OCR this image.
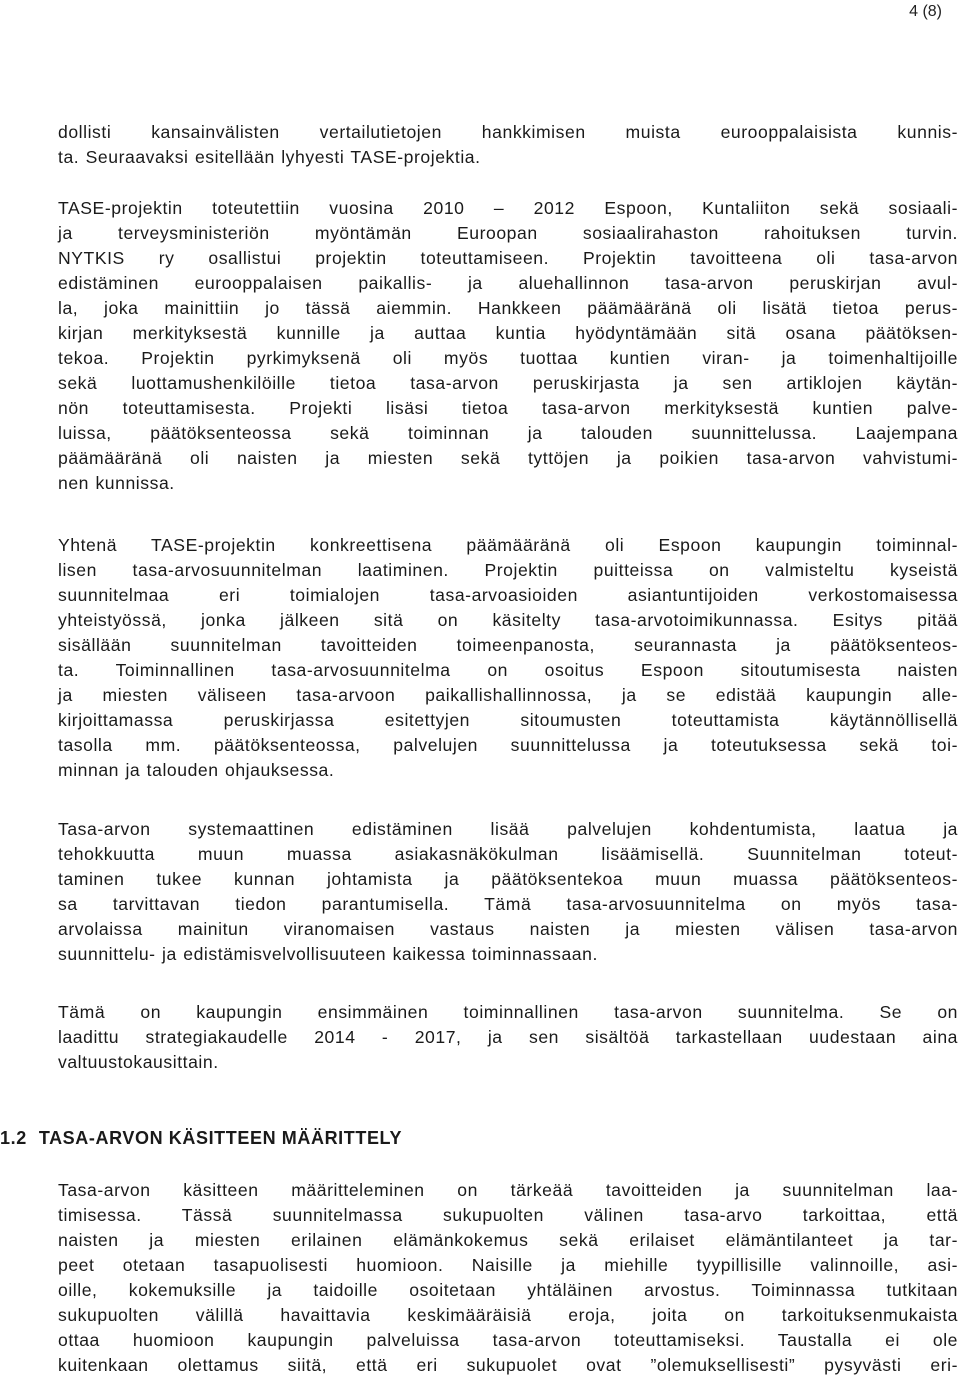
4 (8)
dollisti kansainvälisten vertailutietojen hankkimisen muista eurooppalaisista kunnis-
ta. Seuraavaksi esitellään lyhyesti TASE-projektia.
TASE-projektin toteutettiin vuosina 2010 – 2012 Espoon, Kuntaliiton sekä sosiaali-
ja terveysministeriön myöntämän Euroopan sosiaalirahaston rahoituksen turvin.
NYTKIS ry osallistui projektin toteuttamiseen. Projektin tavoitteena oli tasa-arvon
edistäminen eurooppalaisen paikallis- ja aluehallinnon tasa-arvon peruskirjan avul-
la, joka mainittiin jo tässä aiemmin. Hankkeen päämääränä oli lisätä tietoa perus-
kirjan merkityksestä kunnille ja auttaa kuntia hyödyntämään sitä osana päätöksen-
tekoa. Projektin pyrkimyksenä oli myös tuottaa kuntien viran- ja toimenhaltijoille
sekä luottamushenkilöille tietoa tasa-arvon peruskirjasta ja sen artiklojen käytän-
nön toteuttamisesta. Projekti lisäsi tietoa tasa-arvon merkityksestä kuntien palve-
luissa, päätöksenteossa sekä toiminnan ja talouden suunnittelussa. Laajempana
päämääränä oli naisten ja miesten sekä tyttöjen ja poikien tasa-arvon vahvistumi-
nen kunnissa.
Yhtenä TASE-projektin konkreettisena päämääränä oli Espoon kaupungin toiminnal-
lisen tasa-arvosuunnitelman laatiminen. Projektin puitteissa on valmisteltu kyseistä
suunnitelmaa eri toimialojen tasa-arvoasioiden asiantuntijoiden verkostomaisessa
yhteistyössä, jonka jälkeen sitä on käsitelty tasa-arvotoimikunnassa. Esitys pitää
sisällään suunnitelman tavoitteiden toimeenpanosta, seurannasta ja päätöksenteos-
ta. Toiminnallinen tasa-arvosuunnitelma on osoitus Espoon sitoutumisesta naisten
ja miesten väliseen tasa-arvoon paikallishallinnossa, ja se edistää kaupungin alle-
kirjoittamassa peruskirjassa esitettyjen sitoumusten toteuttamista käytännöllisellä
tasolla mm. päätöksenteossa, palvelujen suunnittelussa ja toteutuksessa sekä toi-
minnan ja talouden ohjauksessa.
Tasa-arvon systemaattinen edistäminen lisää palvelujen kohdentumista, laatua ja
tehokkuutta muun muassa asiakasnäkökulman lisäämisellä. Suunnitelman toteut-
taminen tukee kunnan johtamista ja päätöksentekoa muun muassa päätöksenteos-
sa tarvittavan tiedon parantumisella. Tämä tasa-arvosuunnitelma on myös tasa-
arvolaissa mainitun viranomaisen vastaus naisten ja miesten välisen tasa-arvon
suunnittelu- ja edistämisvelvollisuuteen kaikessa toiminnassaan.
Tämä on kaupungin ensimmäinen toiminnallinen tasa-arvon suunnitelma. Se on
laadittu strategiakaudelle 2014 - 2017, ja sen sisältöä tarkastellaan uudestaan aina
valtuustokausittain.
1.2 TASA-ARVON KÄSITTEEN MÄÄRITTELY
Tasa-arvon käsitteen määritteleminen on tärkeää tavoitteiden ja suunnitelman laa-
timisessa. Tässä suunnitelmassa sukupuolten välinen tasa-arvo tarkoittaa, että
naisten ja miesten erilainen elämänkokemus sekä erilaiset elämäntilanteet ja tar-
peet otetaan tasapuolisesti huomioon. Naisille ja miehille tyypillisille valinnoille, asi-
oille, kokemuksille ja taidoille osoitetaan yhtäläinen arvostus. Toiminnassa tutkitaan
sukupuolten välillä havaittavia keskimääräisiä eroja, joita on tarkoituksenmukaista
ottaa huomioon kaupungin palveluissa tasa-arvon toteuttamiseksi. Taustalla ei ole
kuitenkaan olettamus siitä, että eri sukupuolet ovat ”olemuksellisesti” pysyvästi eri-
